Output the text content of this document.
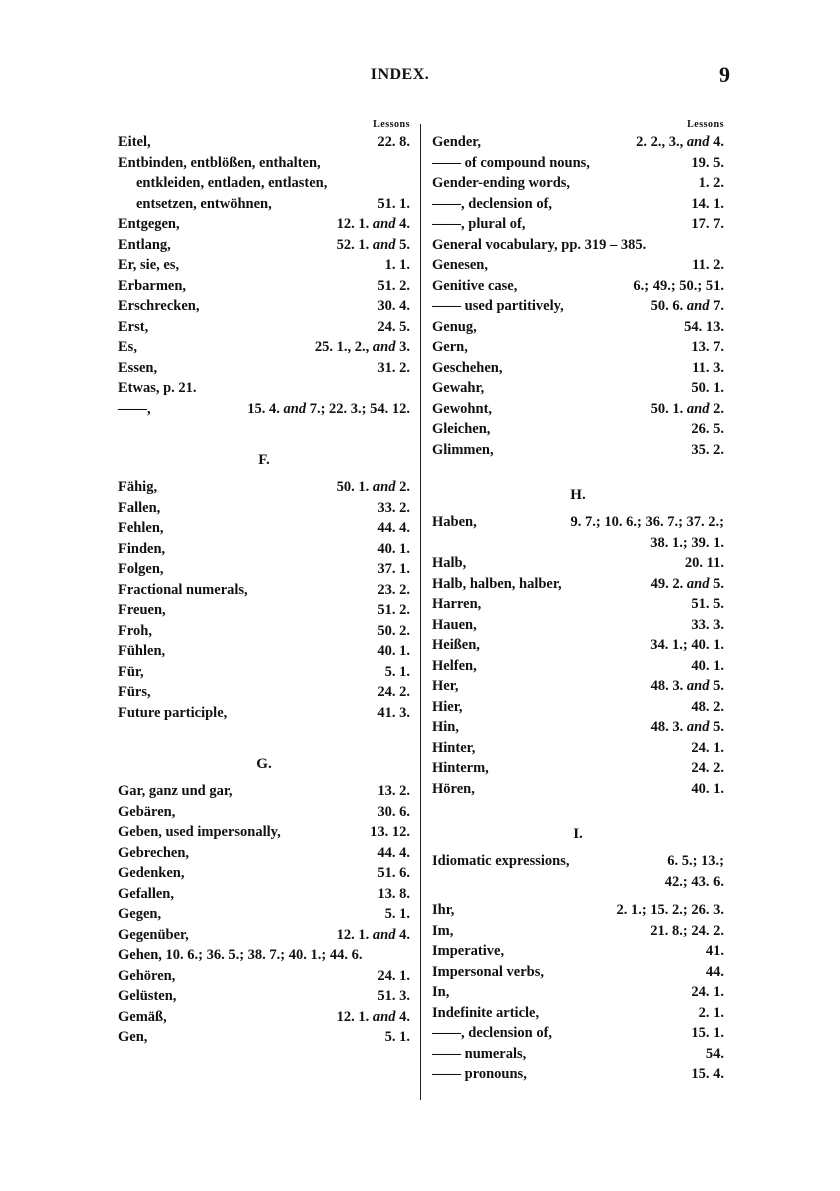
INDEX.	9
Lessons
Eitel,	22. 8.
Entbinden, entblößen, enthalten,
entkleiden, entladen, entlasten,
entsetzen, entwöhnen,	51. 1.
Entgegen,	12. 1. and 4.
Entlang,	52. 1. and 5.
Er, sie, es,	1. 1.
Erbarmen,	51. 2.
Erschrecken,	30. 4.
Erst,	24. 5.
Es,	25. 1., 2., and 3.
Essen,	31. 2.
Etwas, p. 21.
——,	15. 4. and 7.; 22. 3.; 54. 12.
F.
Fähig,	50. 1. and 2.
Fallen,	33. 2.
Fehlen,	44. 4.
Finden,	40. 1.
Folgen,	37. 1.
Fractional numerals,	23. 2.
Freuen,	51. 2.
Froh,	50. 2.
Fühlen,	40. 1.
Für,	5. 1.
Fürs,	24. 2.
Future participle,	41. 3.
G.
Gar, ganz und gar,	13. 2.
Gebären,	30. 6.
Geben, used impersonally,	13. 12.
Gebrechen,	44. 4.
Gedenken,	51. 6.
Gefallen,	13. 8.
Gegen,	5. 1.
Gegenüber,	12. 1. and 4.
Gehen, 10. 6.; 36. 5.; 38. 7.; 40. 1.; 44. 6.
Gehören,	24. 1.
Gelüsten,	51. 3.
Gemäß,	12. 1. and 4.
Gen,	5. 1.
Lessons
Gender,	2. 2., 3., and 4.
—— of compound nouns,	19. 5.
Gender-ending words,	1. 2.
——, declension of,	14. 1.
——, plural of,	17. 7.
General vocabulary, pp. 319 – 385.
Genesen,	11. 2.
Genitive case,	6.; 49.; 50.; 51.
—— used partitively,	50. 6. and 7.
Genug,	54. 13.
Gern,	13. 7.
Geschehen,	11. 3.
Gewahr,	50. 1.
Gewohnt,	50. 1. and 2.
Gleichen,	26. 5.
Glimmen,	35. 2.
H.
Haben,	9. 7.; 10. 6.; 36. 7.; 37. 2.;
38. 1.; 39. 1.
Halb,	20. 11.
Halb, halben, halber,	49. 2. and 5.
Harren,	51. 5.
Hauen,	33. 3.
Heißen,	34. 1.; 40. 1.
Helfen,	40. 1.
Her,	48. 3. and 5.
Hier,	48. 2.
Hin,	48. 3. and 5.
Hinter,	24. 1.
Hinterm,	24. 2.
Hören,	40. 1.
I.
Idiomatic expressions,	6. 5.; 13.;
42.; 43. 6.
Ihr,	2. 1.; 15. 2.; 26. 3.
Im,	21. 8.; 24. 2.
Imperative,	41.
Impersonal verbs,	44.
In,	24. 1.
Indefinite article,	2. 1.
——, declension of,	15. 1.
—— numerals,	54.
—— pronouns,	15. 4.
